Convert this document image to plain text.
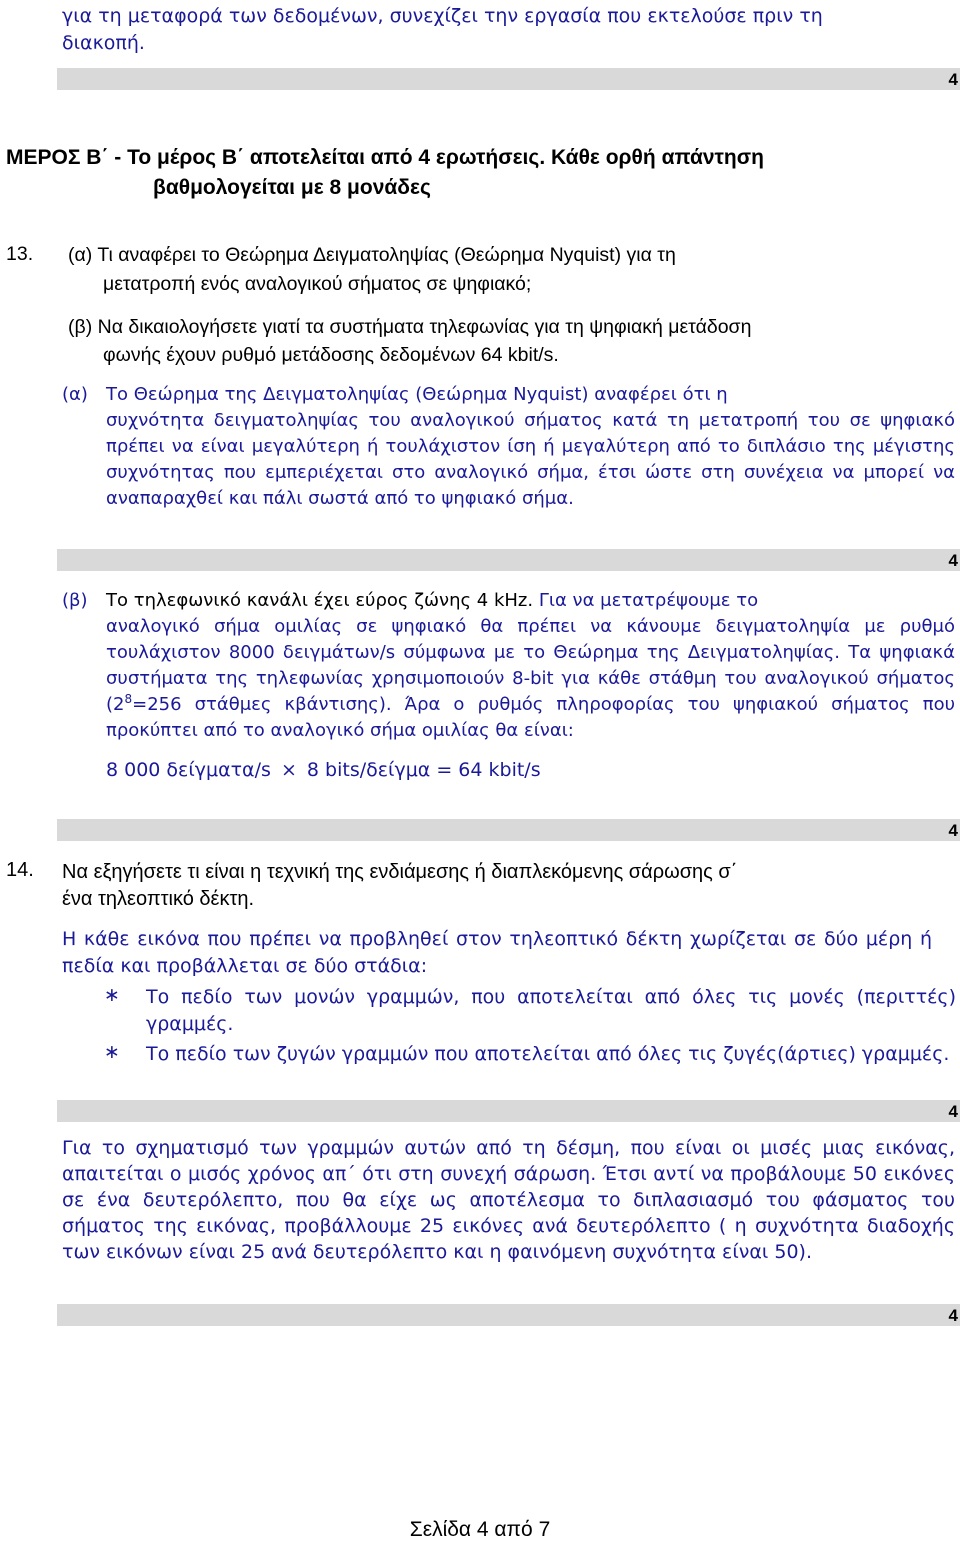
για τη μεταφορά των δεδομένων, συνεχίζει την εργασία που εκτελούσε πριν τη
διακοπή.
4
ΜΕΡΟΣ Β΄ - Το μέρος Β΄ αποτελείται από 4 ερωτήσεις. Κάθε ορθή απάντηση
βαθμολογείται με 8 μονάδες
13. (α) Τι αναφέρει το Θεώρημα Δειγματοληψίας (Θεώρημα Nyquist) για τη
μετατροπή ενός αναλογικού σήματος σε ψηφιακό;
(β) Να δικαιολογήσετε γιατί τα συστήματα τηλεφωνίας για τη ψηφιακή μετάδοση
φωνής έχουν ρυθμό μετάδοσης δεδομένων 64 kbit/s.
(α)	Το Θεώρημα της Δειγματοληψίας (Θεώρημα Nyquist) αναφέρει ότι η
συχνότητα δειγματοληψίας του αναλογικού σήματος κατά τη μετατροπή του σε ψηφιακό πρέπει να είναι μεγαλύτερη ή τουλάχιστον ίση ή μεγαλύτερη από το διπλάσιο της μέγιστης συχνότητας που εμπεριέχεται στο αναλογικό σήμα, έτσι ώστε στη συνέχεια να μπορεί να αναπαραχθεί και πάλι σωστά από το ψηφιακό σήμα.
4
(β)	Το τηλεφωνικό κανάλι έχει εύρος ζώνης 4 kHz. Για να μετατρέψουμε το
αναλογικό σήμα ομιλίας σε ψηφιακό θα πρέπει να κάνουμε δειγματοληψία με ρυθμό τουλάχιστον 8000 δειγμάτων/s σύμφωνα με το Θεώρημα της Δειγματοληψίας. Τα ψηφιακά συστήματα της τηλεφωνίας χρησιμοποιούν 8-bit για κάθε στάθμη του αναλογικού σήματος ($2^8=256$ στάθμες κβάντισης). Άρα ο ρυθμός πληροφορίας του ψηφιακού σήματος που προκύπτει από το αναλογικό σήμα ομιλίας θα είναι:
8 000 δείγματα/s × 8 bits/δείγμα = 64 kbit/s
4
14. Να εξηγήσετε τι είναι η τεχνική της ενδιάμεσης ή διαπλεκόμενης σάρωσης σ΄
ένα τηλεοπτικό δέκτη.
Η κάθε εικόνα που πρέπει να προβληθεί στον τηλεοπτικό δέκτη χωρίζεται σε δύο μέρη ή πεδία και προβάλλεται σε δύο στάδια:
∗ Το πεδίο των μονών γραμμών, που αποτελείται από όλες τις μονές (περιττές) γραμμές.
∗ Το πεδίο των ζυγών γραμμών που αποτελείται από όλες τις ζυγές(άρτιες) γραμμές.
4
Για το σχηματισμό των γραμμών αυτών από τη δέσμη, που είναι οι μισές μιας εικόνας, απαιτείται ο μισός χρόνος απ΄ ότι στη συνεχή σάρωση. Έτσι αντί να προβάλουμε 50 εικόνες σε ένα δευτερόλεπτο, που θα είχε ως αποτέλεσμα το διπλασιασμό του φάσματος του σήματος της εικόνας, προβάλλουμε 25 εικόνες ανά δευτερόλεπτο ( η συχνότητα διαδοχής των εικόνων είναι 25 ανά δευτερόλεπτο και η φαινόμενη συχνότητα είναι 50).
4
Σελίδα 4 από 7
